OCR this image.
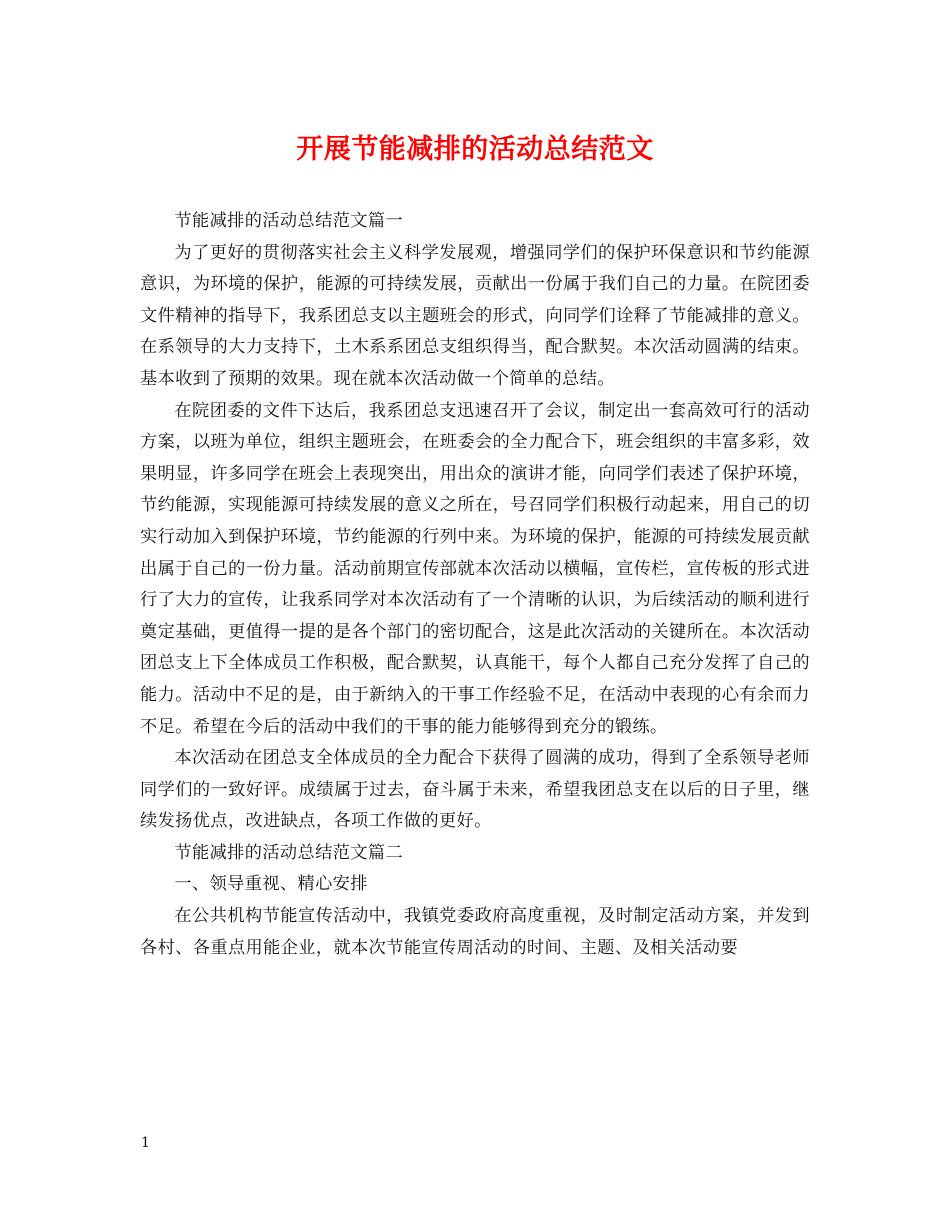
开展节能减排的活动总结范文

节能减排的活动总结范文篇一

为了更好的贯彻落实社会主义科学发展观，增强同学们的保护环保意识和节约能源意识，为环境的保护，能源的可持续发展，贡献出一份属于我们自己的力量。在院团委文件精神的指导下，我系团总支以主题班会的形式，向同学们诠释了节能减排的意义。在系领导的大力支持下，土木系系团总支组织得当，配合默契。本次活动圆满的结束。基本收到了预期的效果。现在就本次活动做一个简单的总结。

在院团委的文件下达后，我系团总支迅速召开了会议，制定出一套高效可行的活动方案，以班为单位，组织主题班会，在班委会的全力配合下，班会组织的丰富多彩，效果明显，许多同学在班会上表现突出，用出众的演讲才能，向同学们表述了保护环境，节约能源，实现能源可持续发展的意义之所在，号召同学们积极行动起来，用自己的切实行动加入到保护环境，节约能源的行列中来。为环境的保护，能源的可持续发展贡献出属于自己的一份力量。活动前期宣传部就本次活动以横幅，宣传栏，宣传板的形式进行了大力的宣传，让我系同学对本次活动有了一个清晰的认识，为后续活动的顺利进行奠定基础，更值得一提的是各个部门的密切配合，这是此次活动的关键所在。本次活动团总支上下全体成员工作积极，配合默契，认真能干，每个人都自己充分发挥了自己的能力。活动中不足的是，由于新纳入的干事工作经验不足，在活动中表现的心有余而力不足。希望在今后的活动中我们的干事的能力能够得到充分的锻练。

本次活动在团总支全体成员的全力配合下获得了圆满的成功，得到了全系领导老师同学们的一致好评。成绩属于过去，奋斗属于未来，希望我团总支在以后的日子里，继续发扬优点，改进缺点，各项工作做的更好。

节能减排的活动总结范文篇二

一、领导重视、精心安排

在公共机构节能宣传活动中，我镇党委政府高度重视，及时制定活动方案，并发到各村、各重点用能企业，就本次节能宣传周活动的时间、主题、及相关活动要

1
